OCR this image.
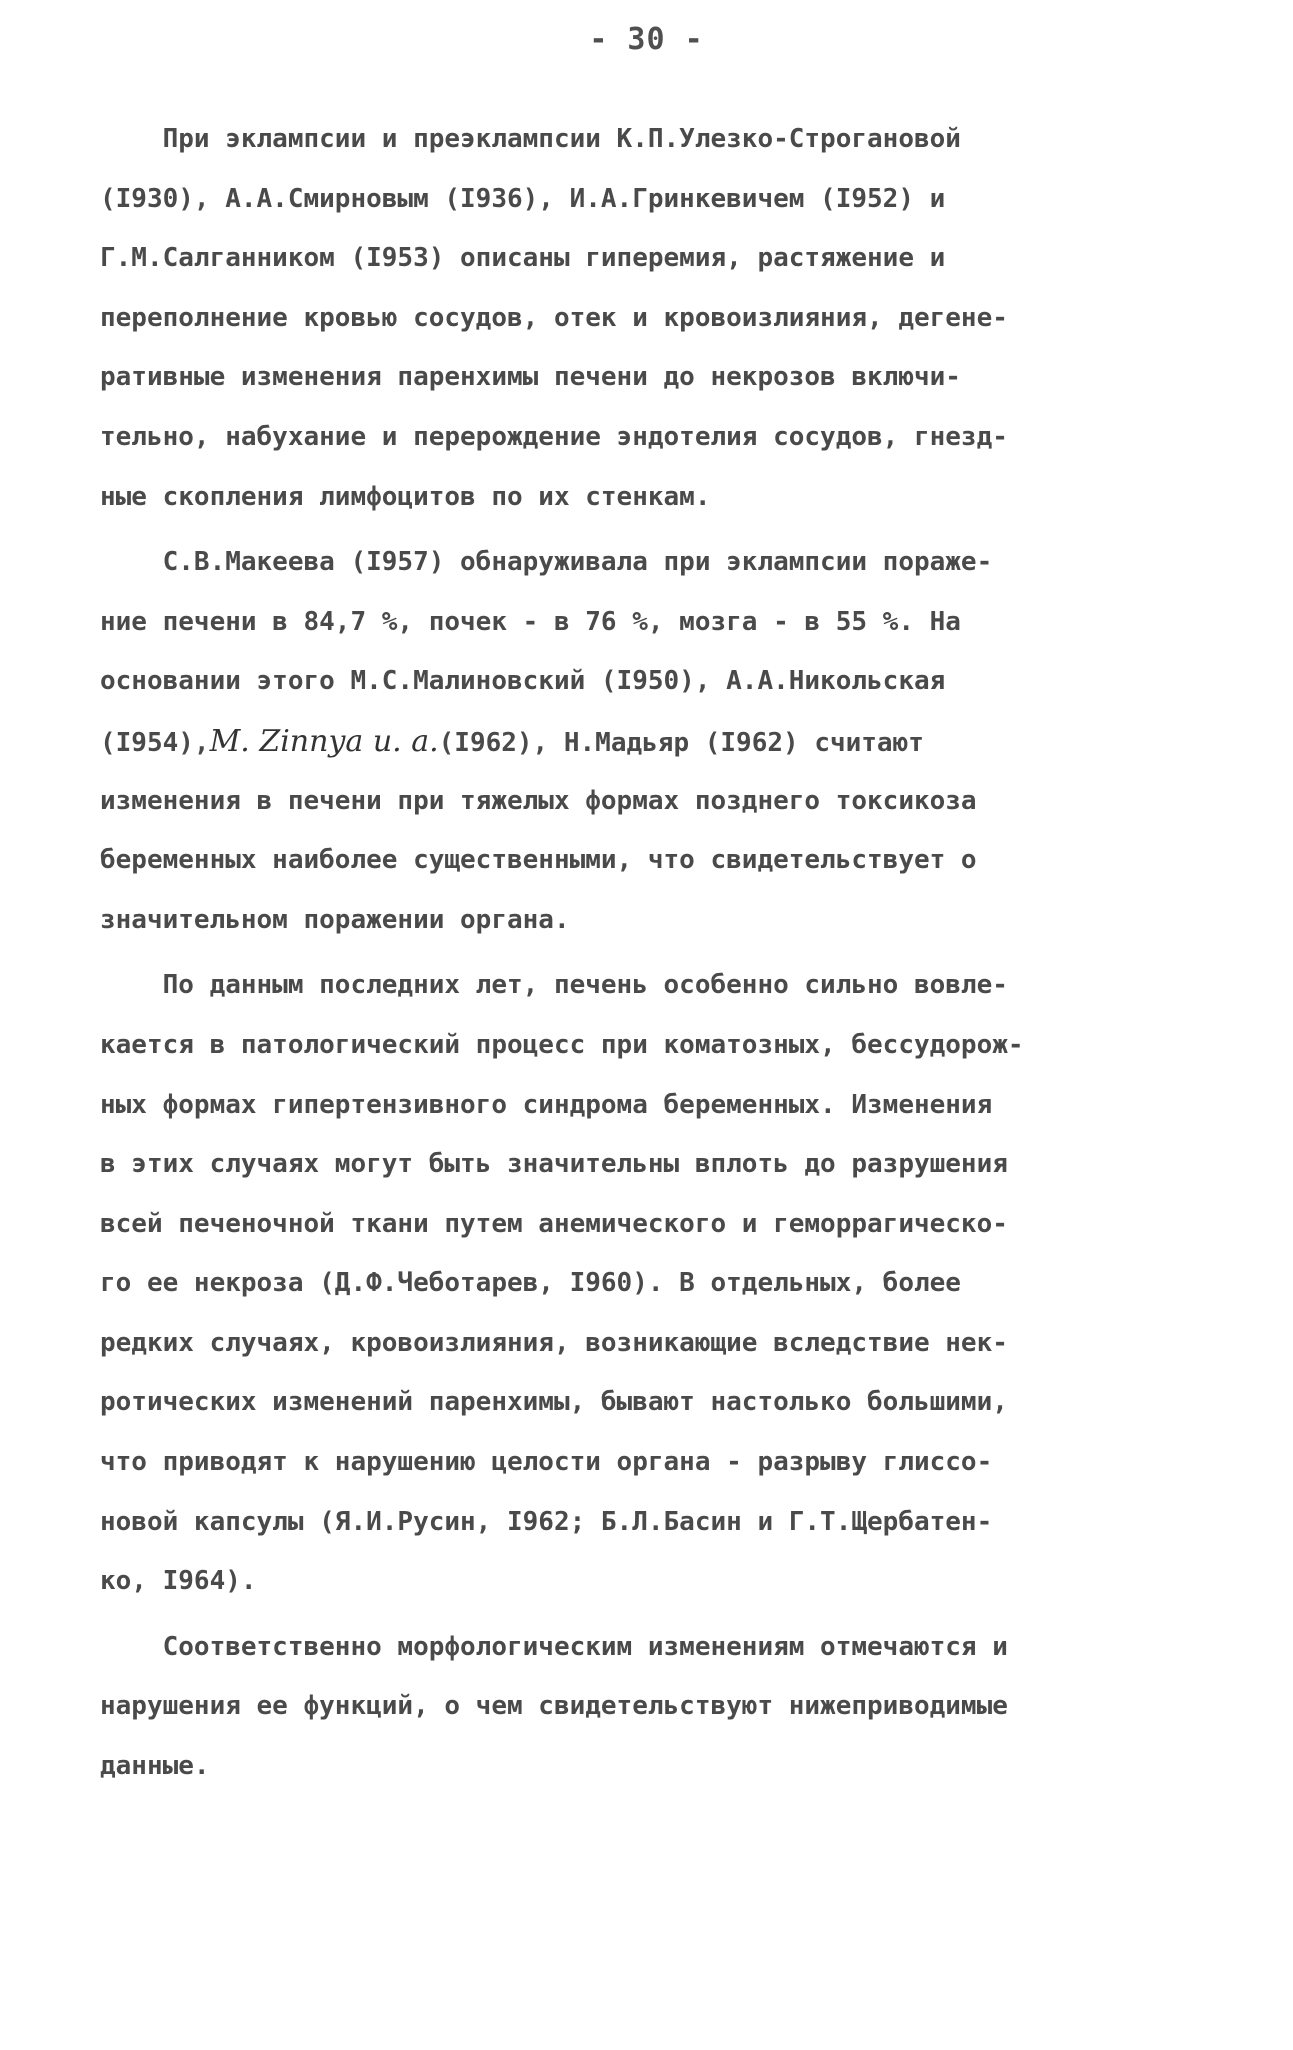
- 30 -
При эклампсии и преэклампсии К.П.Улезко-Строгановой
(I930), А.А.Смирновым (I936), И.А.Гринкевичем (I952) и
Г.М.Салганником (I953) описаны гиперемия, растяжение и
переполнение кровью сосудов, отек и кровоизлияния, дегене-
ративные изменения паренхимы печени до некрозов включи-
тельно, набухание и перерождение эндотелия сосудов, гнезд-
ные скопления лимфоцитов по их стенкам.
С.В.Макеева (I957) обнаруживала при эклампсии пораже-
ние печени в 84,7 %, почек - в 76 %, мозга - в 55 %. На
основании этого М.С.Малиновский (I950), А.А.Никольская
(I954),M. Zinnya u. a.(I962), Н.Мадьяр (I962) считают
изменения в печени при тяжелых формах позднего токсикоза
беременных наиболее существенными, что свидетельствует о
значительном поражении органа.
По данным последних лет, печень особенно сильно вовле-
кается в патологический процесс при коматозных, бессудорож-
ных формах гипертензивного синдрома беременных. Изменения
в этих случаях могут быть значительны вплоть до разрушения
всей печеночной ткани путем анемического и геморрагическо-
го ее некроза (Д.Ф.Чеботарев, I960). В отдельных, более
редких случаях, кровоизлияния, возникающие вследствие нек-
ротических изменений паренхимы, бывают настолько большими,
что приводят к нарушению целости органа - разрыву глиссо-
новой капсулы (Я.И.Русин, I962; Б.Л.Басин и Г.Т.Щербатен-
ко, I964).
Соответственно морфологическим изменениям отмечаются и
нарушения ее функций, о чем свидетельствуют нижеприводимые
данные.
